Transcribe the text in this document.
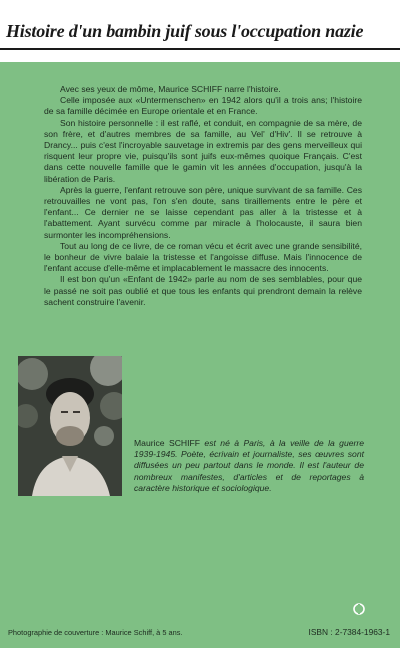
Histoire d'un bambin juif sous l'occupation nazie

Avec ses yeux de môme, Maurice SCHIFF narre l'histoire.

Celle imposée aux «Untermenschen» en 1942 alors qu'il a trois ans; l'histoire de sa famille décimée en Europe orientale et en France.

Son histoire personnelle : il est raflé, et conduit, en compagnie de sa mère, de son frère, et d'autres membres de sa famille, au Vel' d'Hiv'. Il se retrouve à Drancy... puis c'est l'incroyable sauvetage in extremis par des gens merveilleux qui risquent leur propre vie, puisqu'ils sont juifs eux-mêmes quoique Français. C'est dans cette nouvelle famille que le gamin vit les années d'occupation, jusqu'à la libération de Paris.

Après la guerre, l'enfant retrouve son père, unique survivant de sa famille. Ces retrouvailles ne vont pas, l'on s'en doute, sans tiraillements entre le père et l'enfant... Ce dernier ne se laisse cependant pas aller à la tristesse et à l'abattement. Ayant survécu comme par miracle à l'holocauste, il saura bien surmonter les incompréhensions.

Tout au long de ce livre, de ce roman vécu et écrit avec une grande sensibilité, le bonheur de vivre balaie la tristesse et l'angoisse diffuse. Mais l'innocence de l'enfant accuse d'elle-même et implacablement le massacre des innocents.

Il est bon qu'un «Enfant de 1942» parle au nom de ses semblables, pour que le passé ne soit pas oublié et que tous les enfants qui prendront demain la relève sachent construire l'avenir.

Maurice SCHIFF est né à Paris, à la veille de la guerre 1939-1945. Poète, écrivain et journaliste, ses œuvres sont diffusées un peu partout dans le monde. Il est l'auteur de nombreux manifestes, d'articles et de reportages à caractère historique et sociologique.
Photographie de couverture : Maurice Schiff, à 5 ans.	ISBN : 2-7384-1963-1
